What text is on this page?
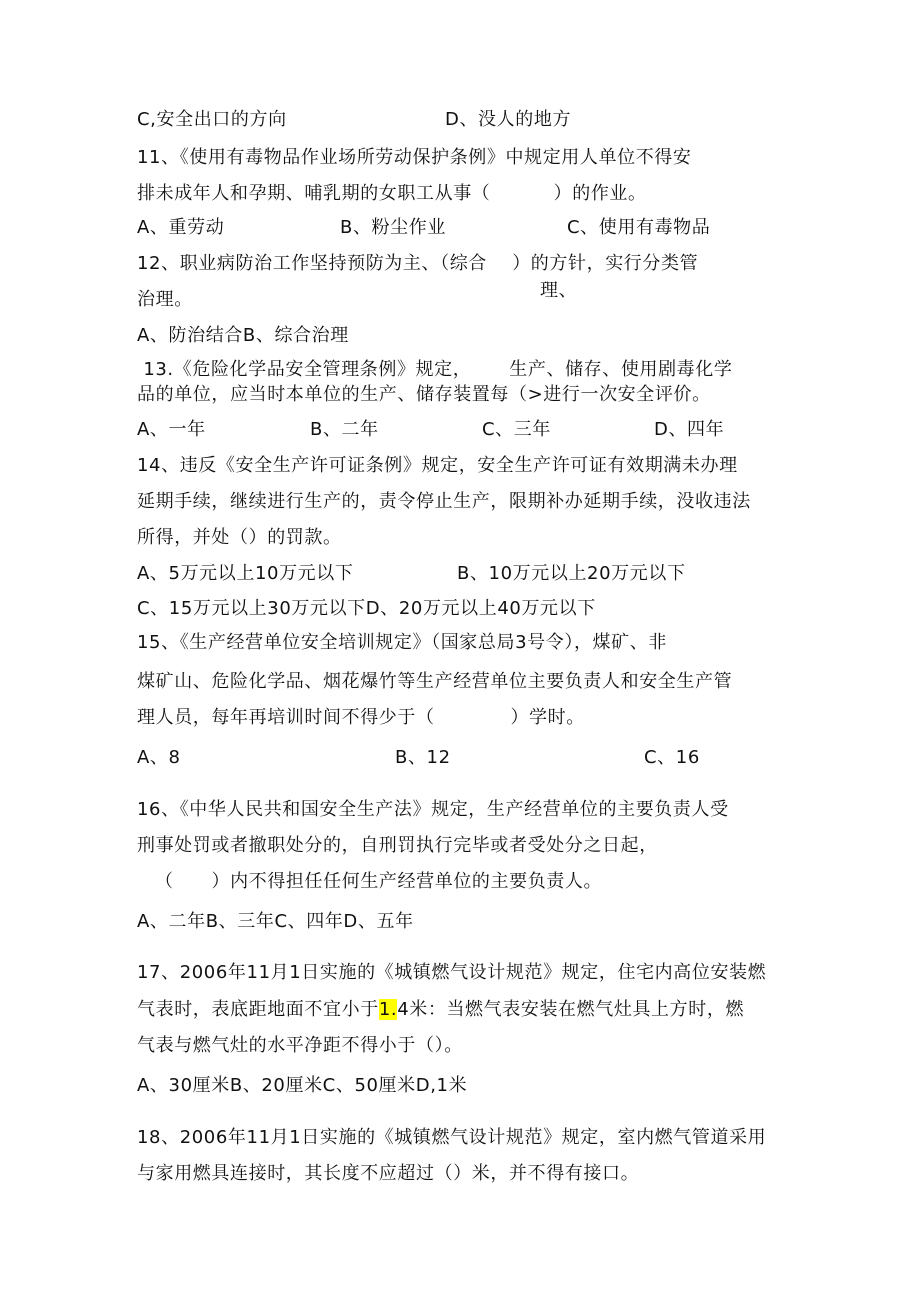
C,安全出口的方向	D、没人的地方
11、《使用有毒物品作业场所劳动保护条例》中规定用人单位不得安
排未成年人和孕期、哺乳期的女职工从事（          ）的作业。
A、重劳动	B、粉尘作业	C、使用有毒物品
12、职业病防治工作坚持预防为主、（综合    ）的方针，实行分类管
治理。	理、
A、防治结合B、综合治理
13.《危险化学品安全管理条例》规定，      生产、储存、使用剧毒化学
品的单位，应当时本单位的生产、储存装置每（>进行一次安全评价。
A、一年	B、二年	C、三年	D、四年
14、违反《安全生产许可证条例》规定，安全生产许可证有效期满未办理
延期手续，继续进行生产的，责令停止生产，限期补办延期手续，没收违法
所得，并处（）的罚款。
A、5万元以上10万元以下	B、10万元以上20万元以下
C、15万元以上30万元以下D、20万元以上40万元以下
15、《生产经营单位安全培训规定》（国家总局3号令），煤矿、非
煤矿山、危险化学品、烟花爆竹等生产经营单位主要负责人和安全生产管
理人员，每年再培训时间不得少于（            ）学时。
A、8	B、12	C、16
16、《中华人民共和国安全生产法》规定，生产经营单位的主要负责人受
刑事处罚或者撤职处分的，自刑罚执行完毕或者受处分之日起，
（      ）内不得担任任何生产经营单位的主要负责人。
A、二年B、三年C、四年D、五年
17、2006年11月1日实施的《城镇燃气设计规范》规定，住宅内高位安装燃
气表时，表底距地面不宜小于1.4米：当燃气表安装在燃气灶具上方时，燃
气表与燃气灶的水平净距不得小于（）。
A、30厘米B、20厘米C、50厘米D,1米
18、2006年11月1日实施的《城镇燃气设计规范》规定，室内燃气管道采用
与家用燃具连接时，其长度不应超过（）米，并不得有接口。
